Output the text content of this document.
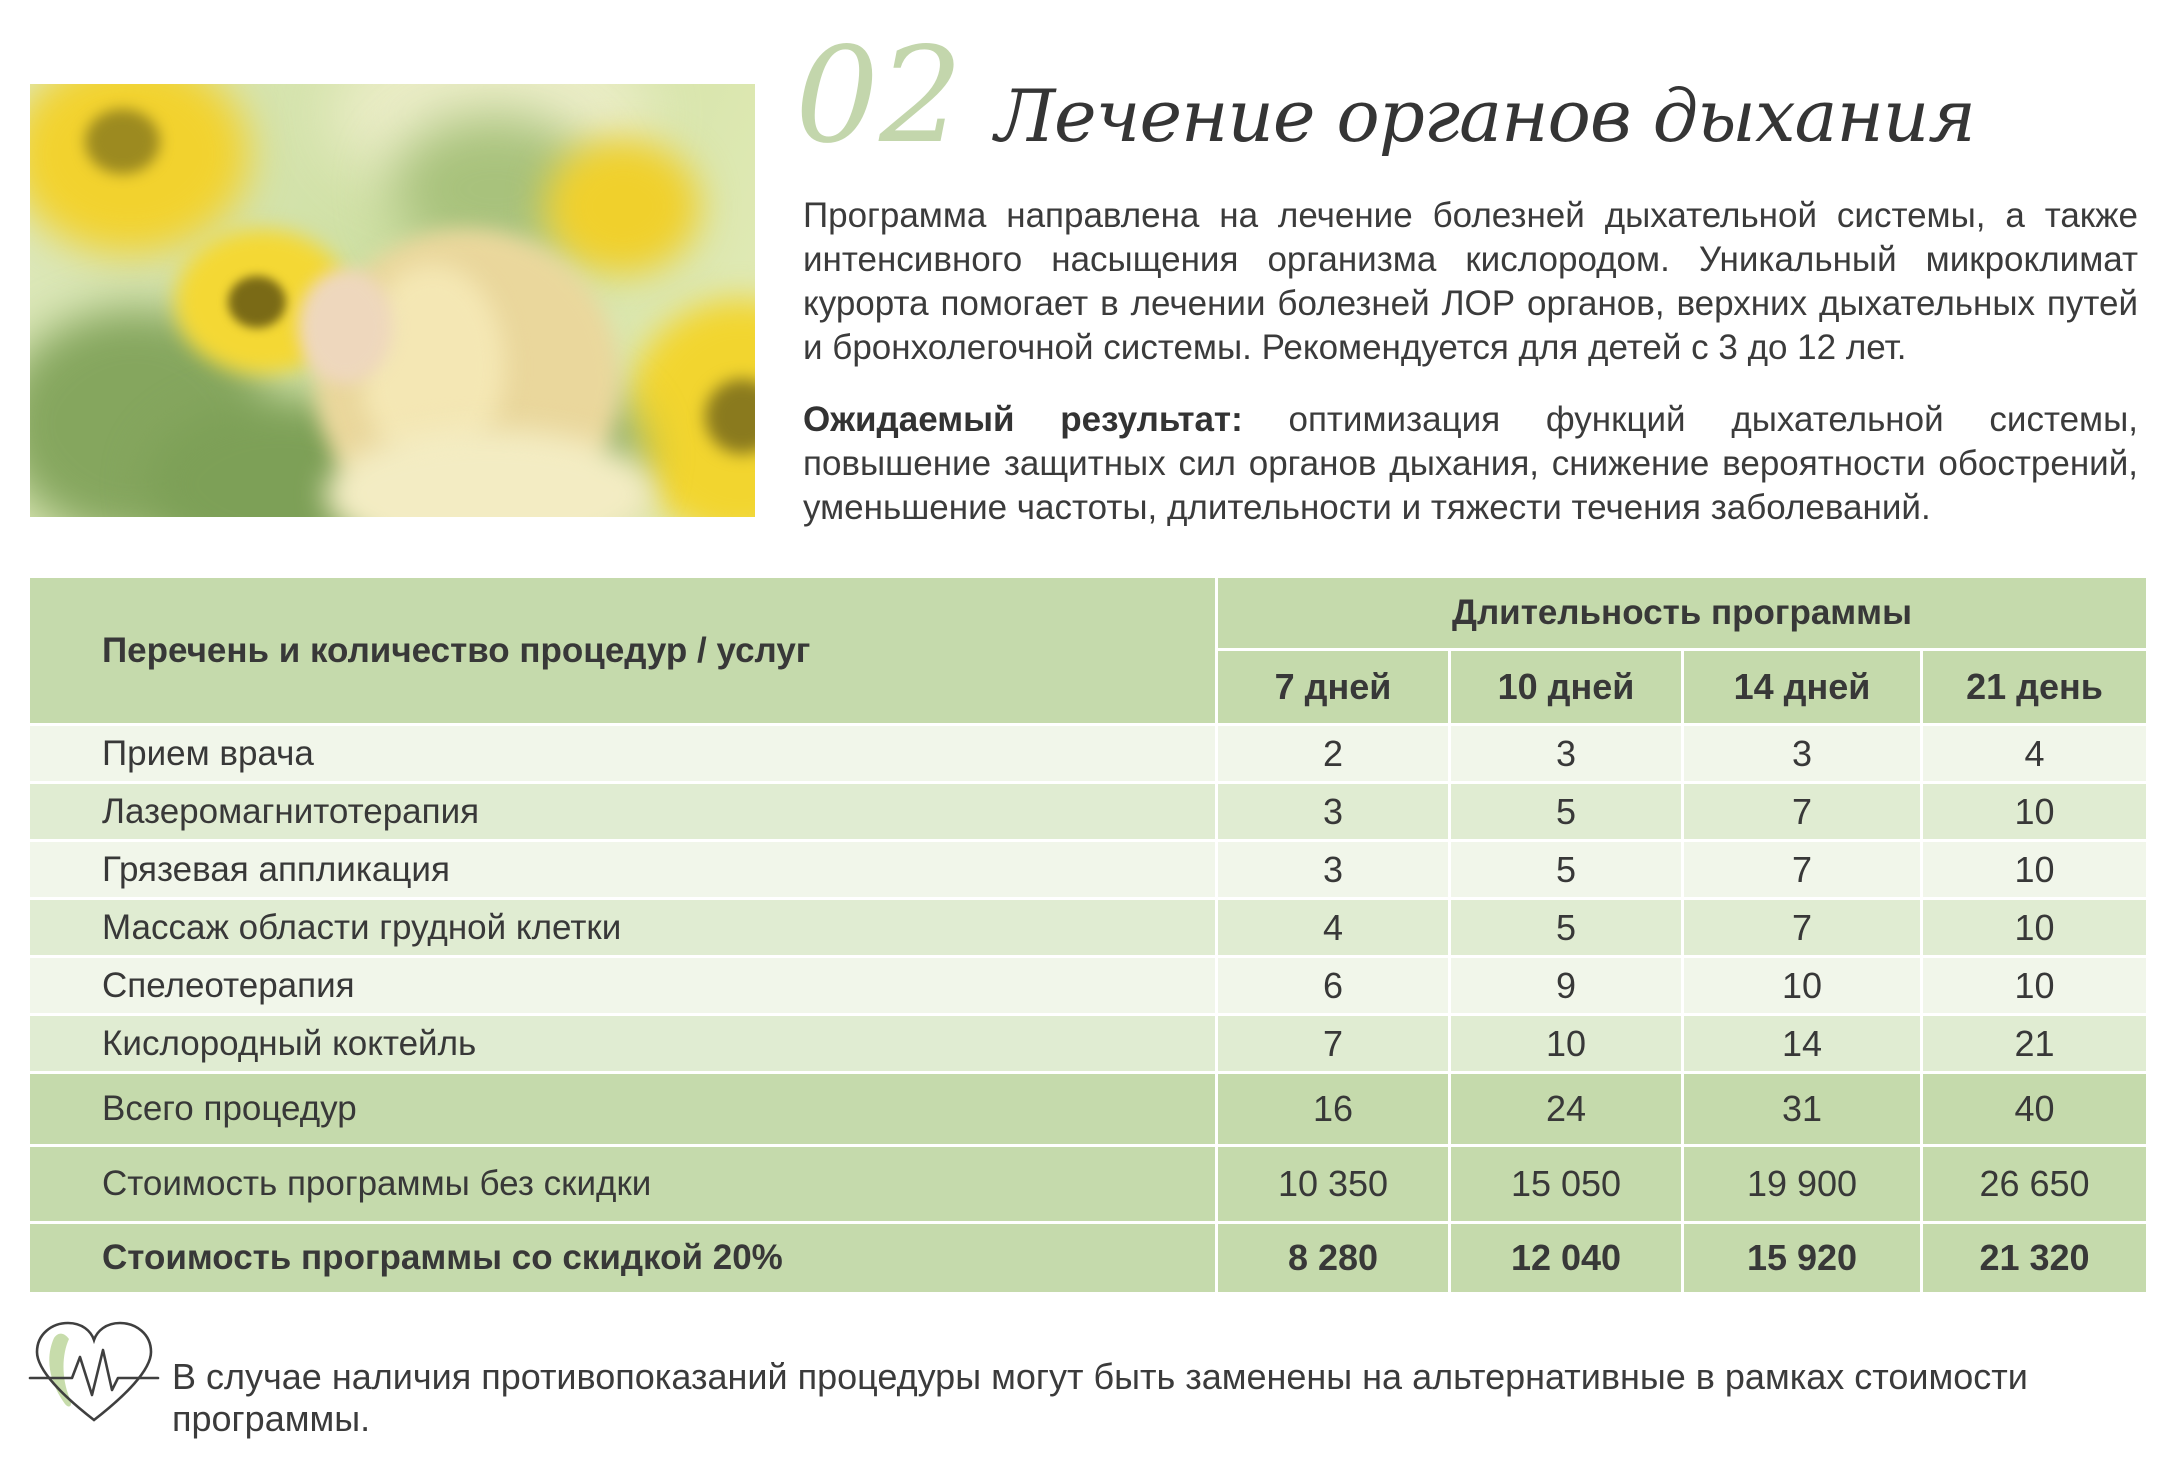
02 Лечение органов дыхания

Программа направлена на лечение болезней дыхательной системы, а также интенсивного насыщения организма кислородом. Уникальный микроклимат курорта помогает в лечении болезней ЛОР органов, верхних дыхательных путей и бронхолегочной системы. Рекомендуется для детей с 3 до 12 лет.

Ожидаемый результат: оптимизация функций дыхательной системы, повышение защитных сил органов дыхания, снижение вероятности обострений, уменьшение частоты, длительности и тяжести течения заболеваний.

Перечень и количество процедур / услуг
Длительность программы
7 дней	10 дней	14 дней	21 день
Прием врача	2	3	3	4
Лазеромагнитотерапия	3	5	7	10
Грязевая аппликация	3	5	7	10
Массаж области грудной клетки	4	5	7	10
Спелеотерапия	6	9	10	10
Кислородный коктейль	7	10	14	21
Всего процедур	16	24	31	40
Стоимость программы без скидки	10 350	15 050	19 900	26 650
Стоимость программы со скидкой 20%	8 280	12 040	15 920	21 320

В случае наличия противопоказаний процедуры могут быть заменены на альтернативные в рамках стоимости программы.
